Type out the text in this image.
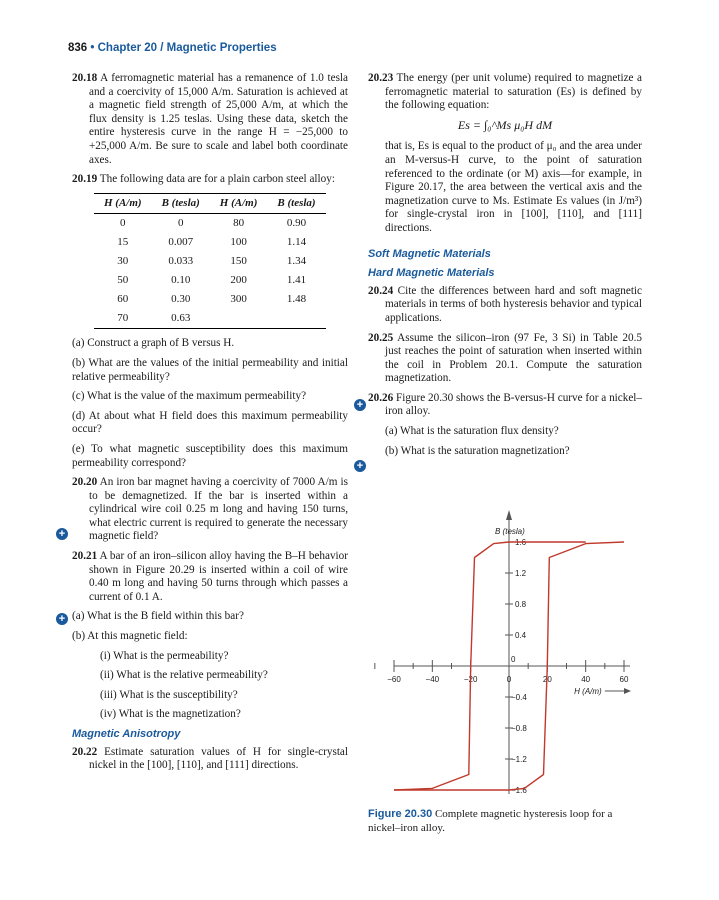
836 • Chapter 20 / Magnetic Properties

20.18 A ferromagnetic material has a remanence of 1.0 tesla and a coercivity of 15,000 A/m. Saturation is achieved at a magnetic field strength of 25,000 A/m, at which the flux density is 1.25 teslas. Using these data, sketch the entire hysteresis curve in the range H = −25,000 to +25,000 A/m. Be sure to scale and label both coordinate axes.

20.19 The following data are for a plain carbon steel alloy:

H (A/m)	B (tesla)	H (A/m)	B (tesla)
0	0	80	0.90
15	0.007	100	1.14
30	0.033	150	1.34
50	0.10	200	1.41
60	0.30	300	1.48
70	0.63		

(a) Construct a graph of B versus H.

(b) What are the values of the initial permeability and initial relative permeability?

(c) What is the value of the maximum permeability?

(d) At about what H field does this maximum permeability occur?

(e) To what magnetic susceptibility does this maximum permeability correspond?

20.20 An iron bar magnet having a coercivity of 7000 A/m is to be demagnetized. If the bar is inserted within a cylindrical wire coil 0.25 m long and having 150 turns, what electric current is required to generate the necessary magnetic field?

20.21 A bar of an iron–silicon alloy having the B–H behavior shown in Figure 20.29 is inserted within a coil of wire 0.40 m long and having 50 turns through which passes a current of 0.1 A.

(a) What is the B field within this bar?

(b) At this magnetic field:

(i) What is the permeability?

(ii) What is the relative permeability?

(iii) What is the susceptibility?

(iv) What is the magnetization?

Magnetic Anisotropy

20.22 Estimate saturation values of H for single-crystal nickel in the [100], [110], and [111] directions.

+
+
+
+

20.23 The energy (per unit volume) required to magnetize a ferromagnetic material to saturation (Es) is defined by the following equation:

Es = ∫₀^Ms μ₀H dM

that is, Es is equal to the product of μ₀ and the area under an M-versus-H curve, to the point of saturation referenced to the ordinate (or M) axis—for example, in Figure 20.17, the area between the vertical axis and the magnetization curve to Ms. Estimate Es values (in J/m³) for single-crystal iron in [100], [110], and [111] directions.

Soft Magnetic Materials
Hard Magnetic Materials

20.24 Cite the differences between hard and soft magnetic materials in terms of both hysteresis behavior and typical applications.

20.25 Assume the silicon–iron (97 Fe, 3 Si) in Table 20.5 just reaches the point of saturation when inserted within the coil in Problem 20.1. Compute the saturation magnetization.

20.26 Figure 20.30 shows the B-versus-H curve for a nickel–iron alloy.

(a) What is the saturation flux density?

(b) What is the saturation magnetization?

−60	−40	−20	0	20	40	60
1.6
1.2
0.8
0.4
0
−0.4
−0.8
−1.2
−1.6
B (tesla)
H (A/m)
Figure 20.30 Complete magnetic hysteresis loop for a nickel–iron alloy.
